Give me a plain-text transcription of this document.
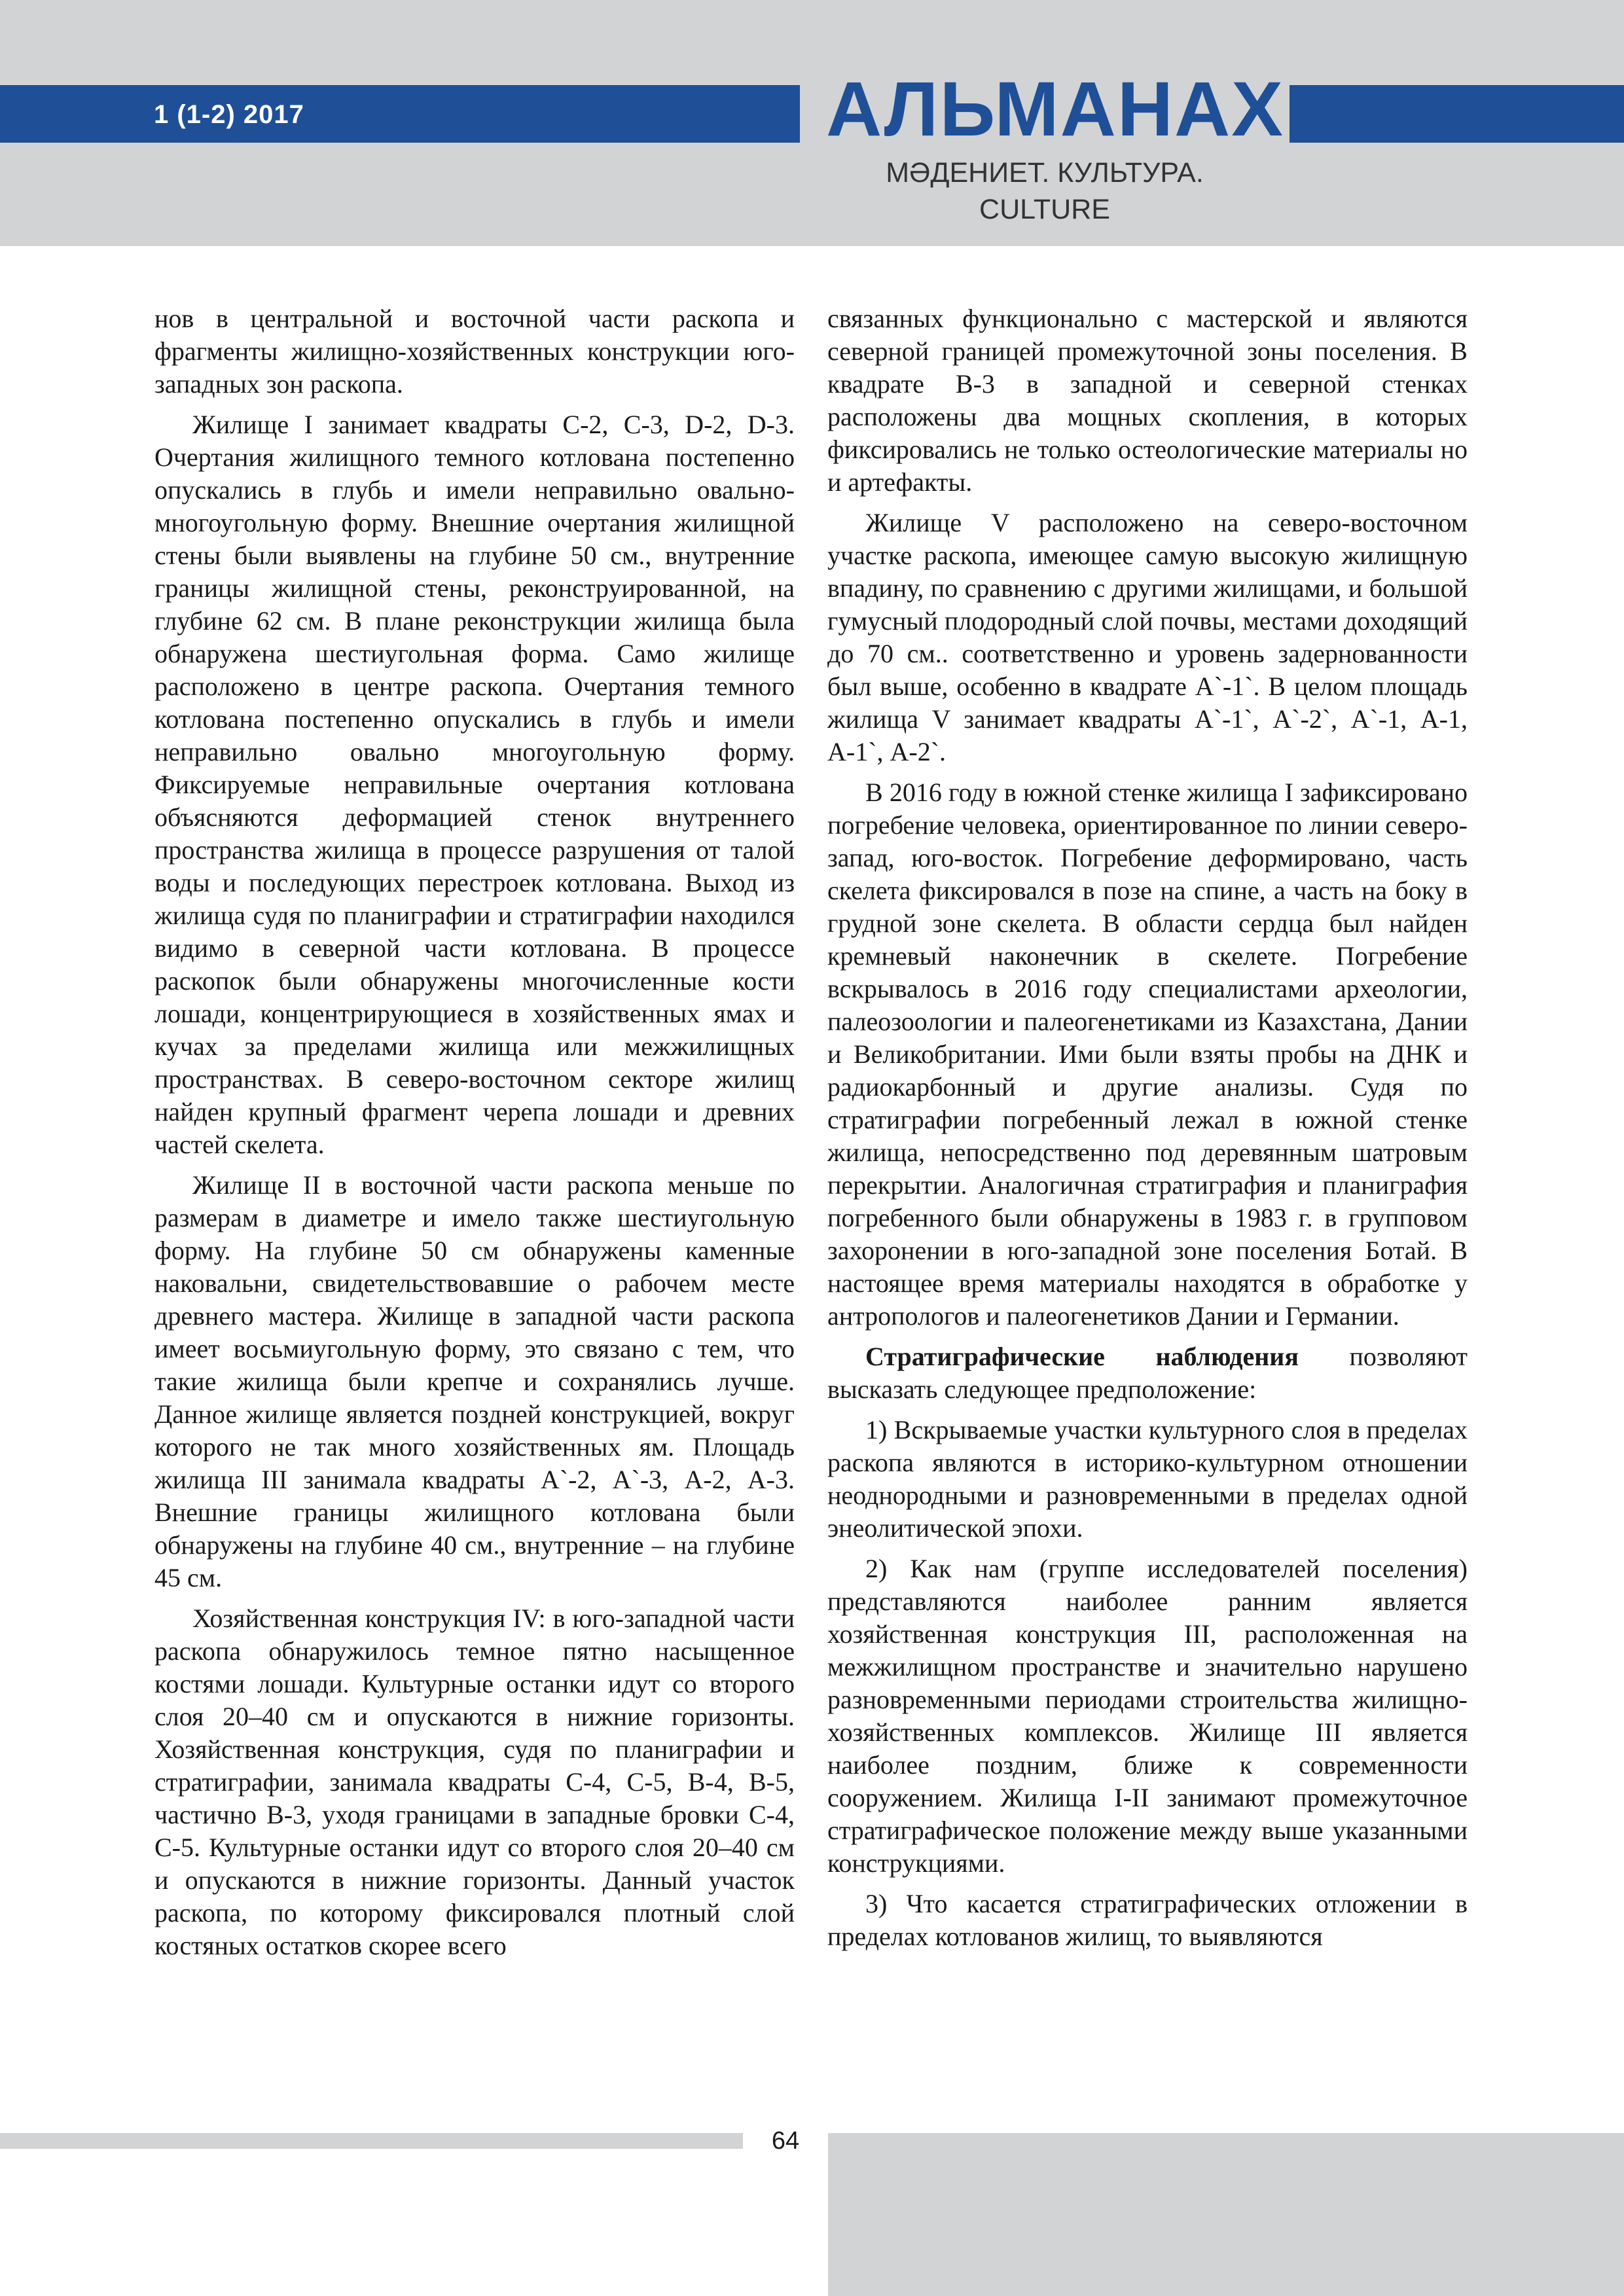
1 (1-2) 2017	АЛЬМАНАХ
МӘДЕНИЕТ. КУЛЬТУРА. CULTURE

нов в центральной и восточной части раскопа и фрагменты жилищно-хозяйственных конструкции юго-западных зон раскопа.

Жилище I занимает квадраты С-2, С-3, D-2, D-3. Очертания жилищного темного котлована постепенно опускались в глубь и имели неправильно овально-многоугольную форму. Внешние очертания жилищной стены были выявлены на глубине 50 см., внутренние границы жилищной стены, реконструированной, на глубине 62 см. В плане реконструкции жилища была обнаружена шестиугольная форма. Само жилище расположено в центре раскопа. Очертания темного котлована постепенно опускались в глубь и имели неправильно овально многоугольную форму. Фиксируемые неправильные очертания котлована объясняются деформацией стенок внутреннего пространства жилища в процессе разрушения от талой воды и последующих перестроек котлована. Выход из жилища судя по планиграфии и стратиграфии находился видимо в северной части котлована. В процессе раскопок были обнаружены многочисленные кости лошади, концентрирующиеся в хозяйственных ямах и кучах за пределами жилища или межжилищных пространствах. В северо-восточном секторе жилищ найден крупный фрагмент черепа лошади и древних частей скелета.

Жилище II в восточной части раскопа меньше по размерам в диаметре и имело также шестиугольную форму. На глубине 50 см обнаружены каменные наковальни, свидетельствовавшие о рабочем месте древнего мастера. Жилище в западной части раскопа имеет восьмиугольную форму, это связано с тем, что такие жилища были крепче и сохранялись лучше. Данное жилище является поздней конструкцией, вокруг которого не так много хозяйственных ям. Площадь жилища III занимала квадраты А`-2, А`-3, А-2, А-3. Внешние границы жилищного котлована были обнаружены на глубине 40 см., внутренние – на глубине 45 см.

Хозяйственная конструкция IV: в юго-западной части раскопа обнаружилось темное пятно насыщенное костями лошади. Культурные останки идут со второго слоя 20–40 см и опускаются в нижние горизонты. Хозяйственная конструкция, судя по планиграфии и стратиграфии, занимала квадраты С-4, С-5, В-4, В-5, частично В-3, уходя границами в западные бровки С-4, С-5. Культурные останки идут со второго слоя 20–40 см и опускаются в нижние горизонты. Данный участок раскопа, по которому фиксировался плотный слой костяных остатков скорее всего

связанных функционально с мастерской и являются северной границей промежуточной зоны поселения. В квадрате В-3 в западной и северной стенках расположены два мощных скопления, в которых фиксировались не только остеологические материалы но и артефакты.

Жилище V расположено на северо-восточном участке раскопа, имеющее самую высокую жилищную впадину, по сравнению с другими жилищами, и большой гумусный плодородный слой почвы, местами доходящий до 70 см.. соответственно и уровень задернованности был выше, особенно в квадрате А`-1`. В целом площадь жилища V занимает квадраты А`-1`, А`-2`, А`-1, А-1, А-1`, А-2`.

В 2016 году в южной стенке жилища I зафиксировано погребение человека, ориентированное по линии северо-запад, юго-восток. Погребение деформировано, часть скелета фиксировался в позе на спине, а часть на боку в грудной зоне скелета. В области сердца был найден кремневый наконечник в скелете. Погребение вскрывалось в 2016 году специалистами археологии, палеозоологии и палеогенетиками из Казахстана, Дании и Великобритании. Ими были взяты пробы на ДНК и радиокарбонный и другие анализы. Судя по стратиграфии погребенный лежал в южной стенке жилища, непосредственно под деревянным шатровым перекрытии. Аналогичная стратиграфия и планиграфия погребенного были обнаружены в 1983 г. в групповом захоронении в юго-западной зоне поселения Ботай. В настоящее время материалы находятся в обработке у антропологов и палеогенетиков Дании и Германии.

Стратиграфические наблюдения позволяют высказать следующее предположение:

1) Вскрываемые участки культурного слоя в пределах раскопа являются в историко-культурном отношении неоднородными и разновременными в пределах одной энеолитической эпохи.

2) Как нам (группе исследователей поселения) представляются наиболее ранним является хозяйственная конструкция III, расположенная на межжилищном пространстве и значительно нарушено разновременными периодами строительства жилищно-хозяйственных комплексов. Жилище III является наиболее поздним, ближе к современности сооружением. Жилища I-II занимают промежуточное стратиграфическое положение между выше указанными конструкциями.

3) Что касается стратиграфических отложении в пределах котлованов жилищ, то выявляются

64
